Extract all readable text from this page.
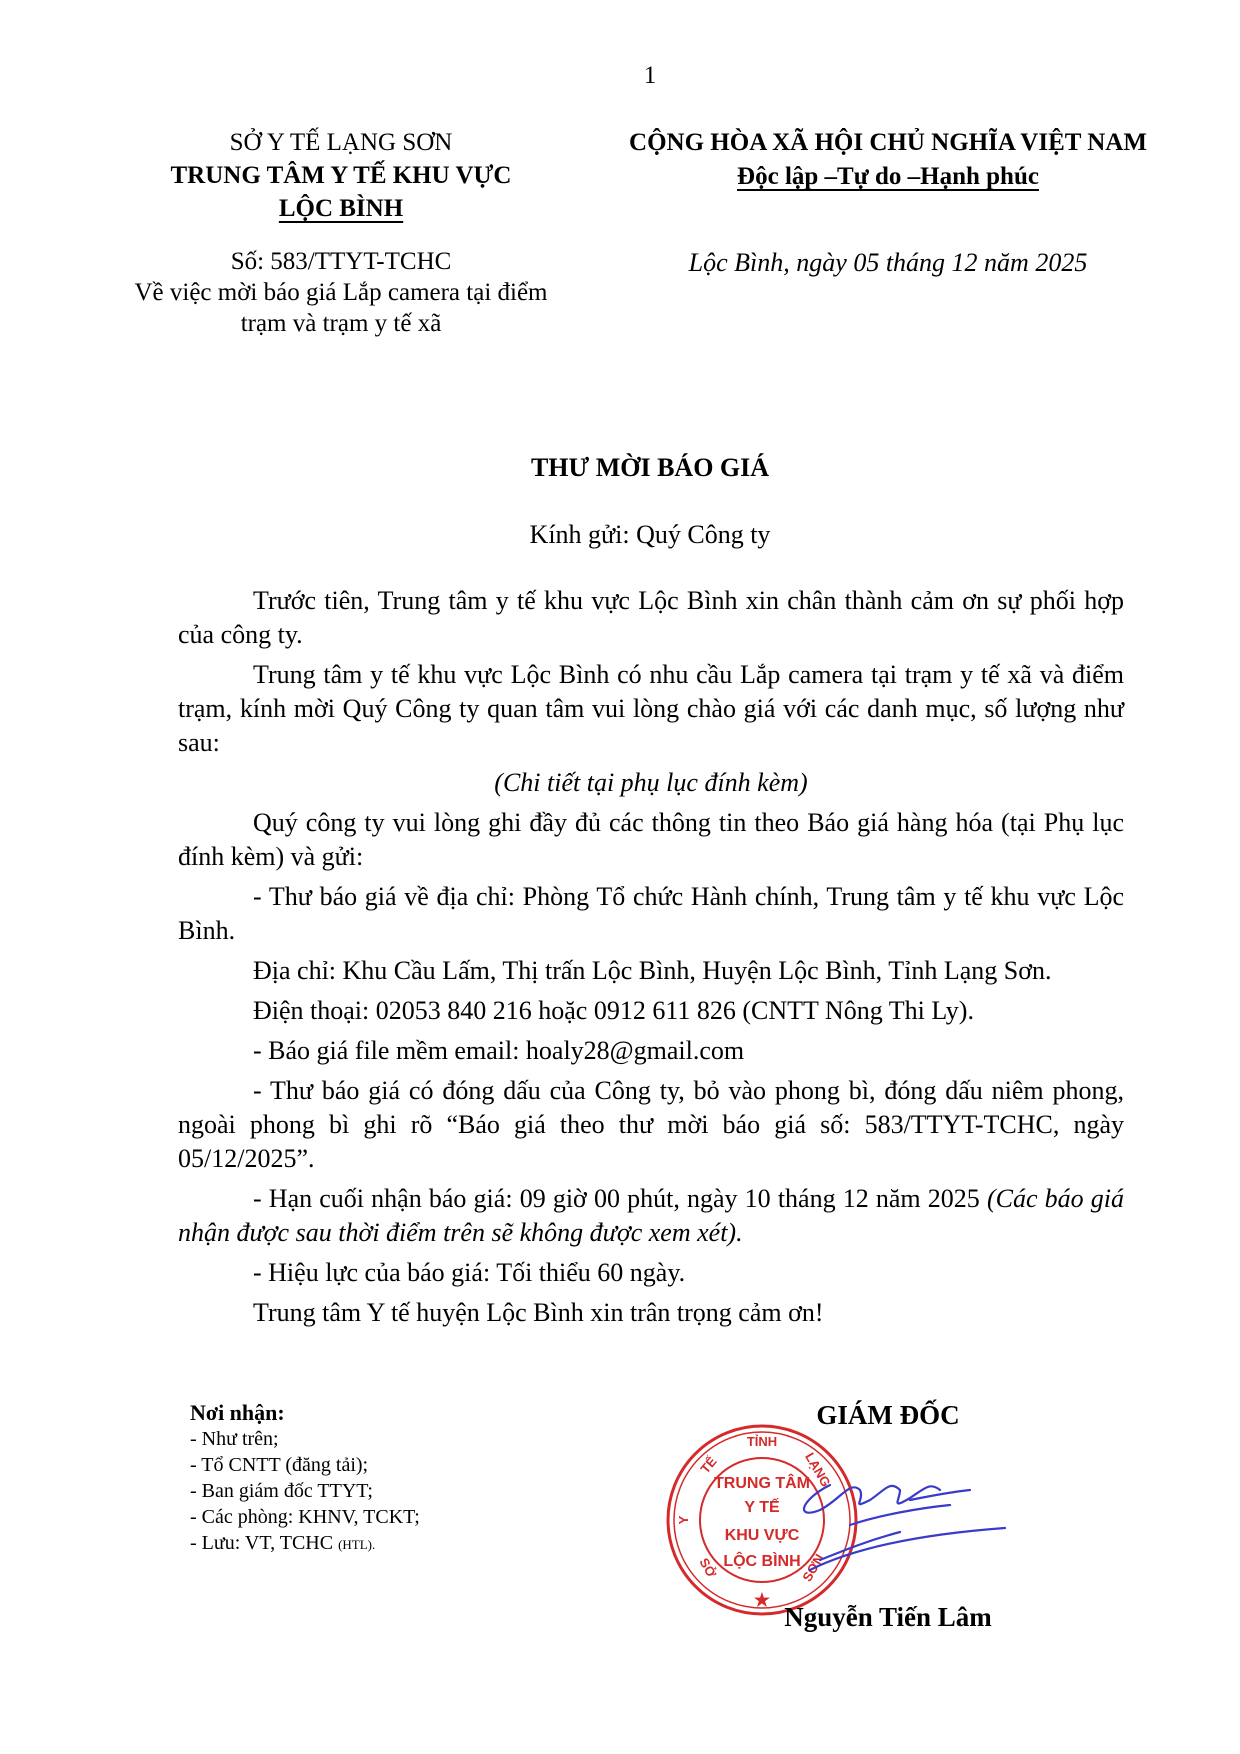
1
SỞ Y TẾ LẠNG SƠN
TRUNG TÂM Y TẾ KHU VỰC
LỘC BÌNH
CỘNG HÒA XÃ HỘI CHỦ NGHĨA VIỆT NAM
Độc lập –Tự do –Hạnh phúc
Số: 583/TTYT-TCHC
Về việc mời báo giá Lắp camera tại điểm
trạm và trạm y tế xã
Lộc Bình, ngày 05 tháng 12 năm 2025
THƯ MỜI BÁO GIÁ
Kính gửi: Quý Công ty

Trước tiên, Trung tâm y tế khu vực Lộc Bình xin chân thành cảm ơn sự phối hợp của công ty.

Trung tâm y tế khu vực Lộc Bình có nhu cầu Lắp camera tại trạm y tế xã và điểm trạm, kính mời Quý Công ty quan tâm vui lòng chào giá với các danh mục, số lượng như sau:

(Chi tiết tại phụ lục đính kèm)

Quý công ty vui lòng ghi đầy đủ các thông tin theo Báo giá hàng hóa (tại Phụ lục đính kèm) và gửi:

- Thư báo giá về địa chỉ: Phòng Tổ chức Hành chính, Trung tâm y tế khu vực Lộc Bình.

Địa chỉ: Khu Cầu Lấm, Thị trấn Lộc Bình, Huyện Lộc Bình, Tỉnh Lạng Sơn.

Điện thoại: 02053 840 216 hoặc 0912 611 826 (CNTT Nông Thi Ly).

- Báo giá file mềm email: hoaly28@gmail.com

- Thư báo giá có đóng dấu của Công ty, bỏ vào phong bì, đóng dấu niêm phong, ngoài phong bì ghi rõ “Báo giá theo thư mời báo giá số: 583/TTYT-TCHC, ngày 05/12/2025”.

- Hạn cuối nhận báo giá: 09 giờ 00 phút, ngày 10 tháng 12 năm 2025 (Các báo giá nhận được sau thời điểm trên sẽ không được xem xét).

- Hiệu lực của báo giá: Tối thiểu 60 ngày.

Trung tâm Y tế huyện Lộc Bình xin trân trọng cảm ơn!

Nơi nhận:
- Như trên;
- Tổ CNTT (đăng tải);
- Ban giám đốc TTYT;
- Các phòng: KHNV, TCKT;
- Lưu: VT, TCHC (HTL).
GIÁM ĐỐC
TỈNH
LẠNG
SƠN
SỞ
Y
TẾ
TRUNG TÂM
Y TẾ
KHU VỰC
LỘC BÌNH
★
Nguyễn Tiến Lâm
